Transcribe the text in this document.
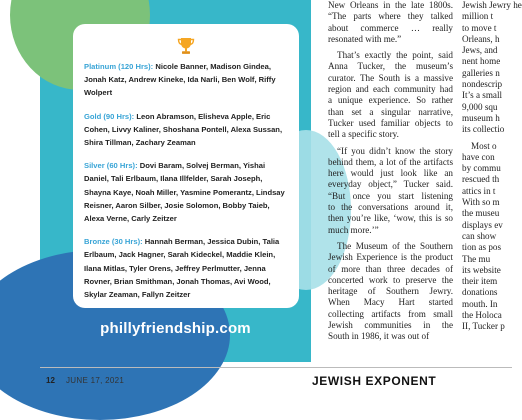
Platinum (120 Hrs): Nicole Banner, Madison Gindea, Jonah Katz, Andrew Kineke, Ida Narli, Ben Wolf, Riffy Wolpert
Gold (90 Hrs): Leon Abramson, Elisheva Apple, Eric Cohen, Livvy Kaliner, Shoshana Pontell, Alexa Sussan, Shira Tillman, Zachary Zeaman
Silver (60 Hrs): Dovi Baram, Solvej Berman, Yishai Daniel, Tali Erlbaum, Ilana Illfelder, Sarah Joseph, Shayna Kaye, Noah Miller, Yasmine Pomerantz, Lindsay Reisner, Aaron Silber, Josie Solomon, Bobby Taieb, Alexa Verne, Carly Zeitzer
Bronze (30 Hrs): Hannah Berman, Jessica Dubin, Talia Erlbaum, Jack Hagner, Sarah Kideckel, Maddie Klein, Ilana Mitlas, Tyler Orens, Jeffrey Perlmutter, Jenna Rovner, Brian Smithman, Jonah Thomas, Avi Wood, Skylar Zeaman, Fallyn Zeitzer
phillyfriendship.com
New Orleans in the late 1800s.
“The parts where they talked
about commerce … really
resonated with me.”
That’s exactly the point, said
Anna Tucker, the museum’s
curator. The South is a massive
region and each community had
a unique experience. So rather
than set a singular narrative,
Tucker used familiar objects to
tell a specific story.
“If you didn’t know the story
behind them, a lot of the artifacts
here would just look like an
everyday object,” Tucker said.
“But once you start listening
to the conversations around it,
then you’re like, ‘wow, this is so
much more.’”
The Museum of the Southern
Jewish Experience is the product
of more than three decades of
concerted work to preserve the
heritage of Southern Jewry.
When Macy Hart started
collecting artifacts from small
Jewish communities in the
South in 1986, it was out of
Jewish Jewry he
million t
to move t
Orleans, h
Jews, and
nent home
galleries n
nondescrip
It’s a small
9,000 squ
museum h
its collectio
Most o
have con
by commu
rescued th
attics in t
With so m
the museu
displays ev
can show
tion as pos
The mu
its website
their item
donations
mouth. In
the Holoca
II, Tucker p
12 JUNE 17, 2021	JEWISH EXPONENT
